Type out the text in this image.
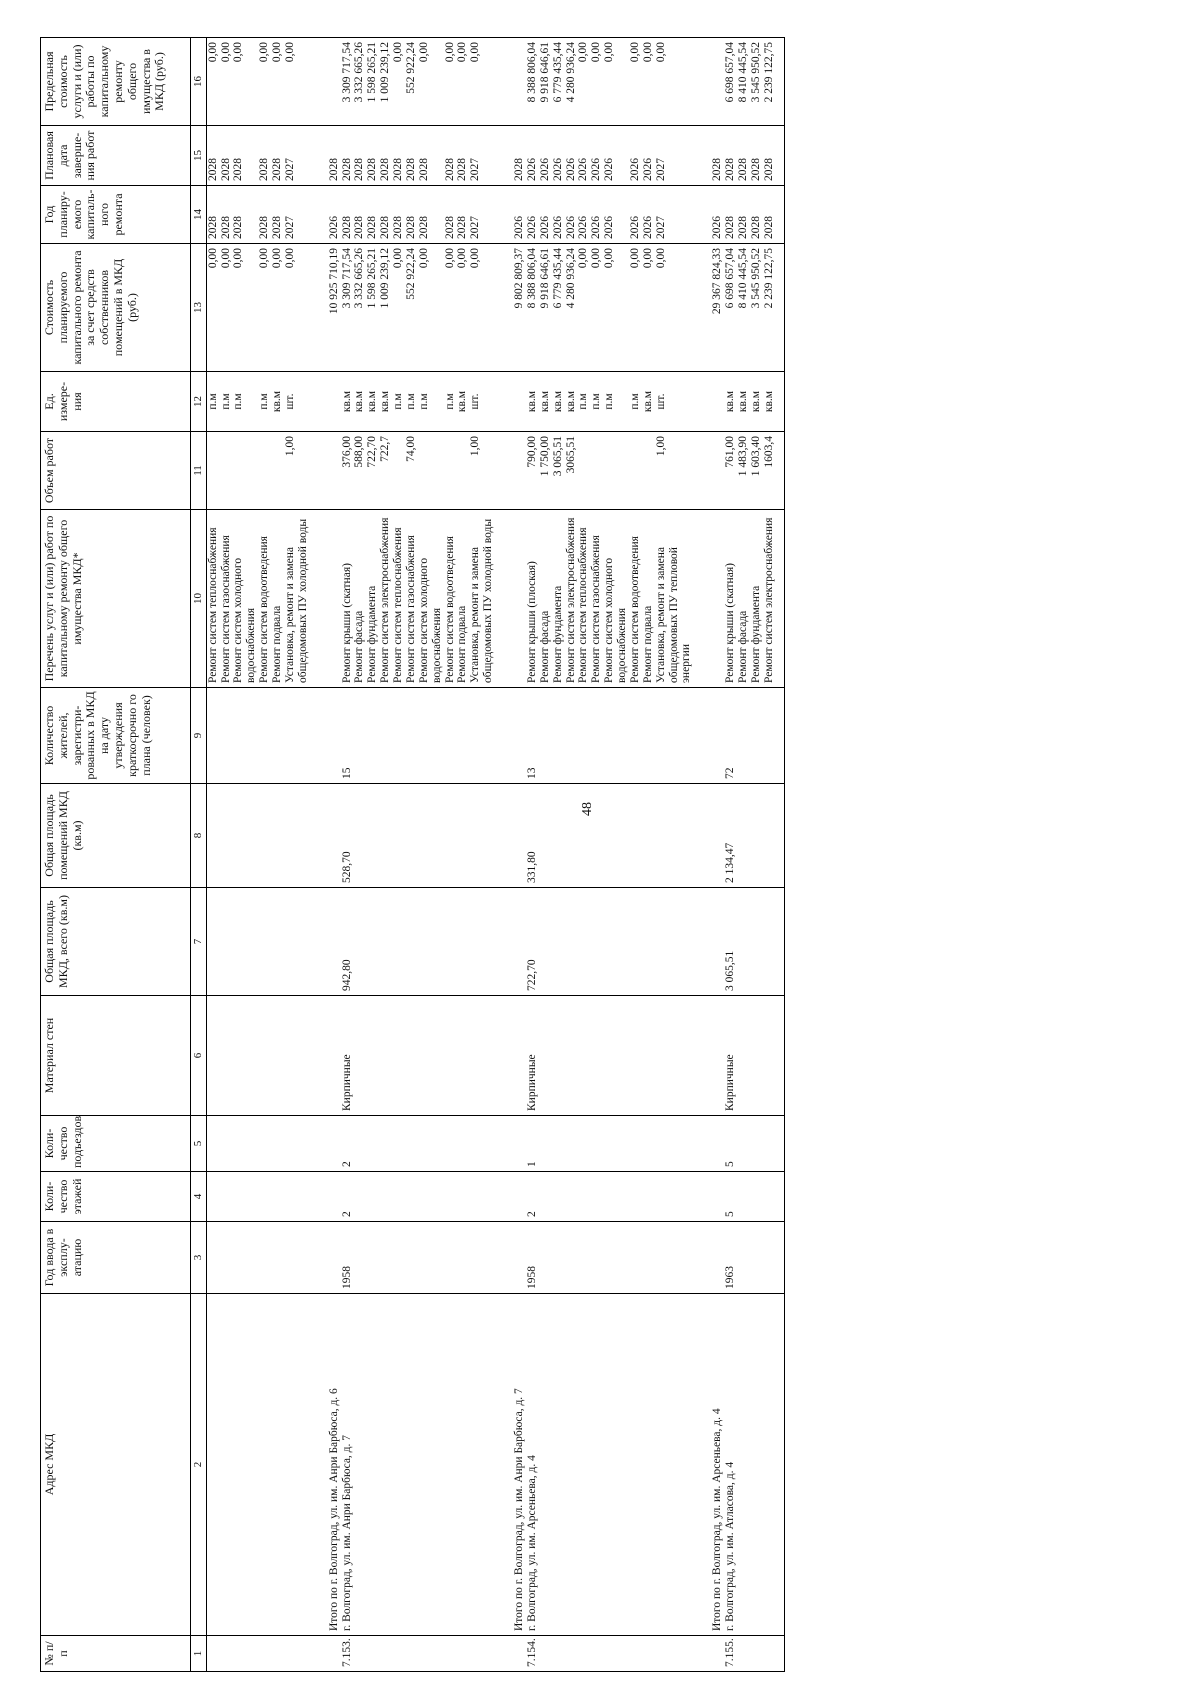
48
№ п/п	Адрес МКД	Год ввода в эксплу-атацию	Коли-чество этажей	Коли-чество подъездов	Материал стен	Общая площадь МКД, всего (кв.м)	Общая площадь помещений МКД (кв.м)	Количество жителей, зарегистри-рованных в МКД на дату утверждения краткосрочно го плана (человек)	Перечень услуг и (или) работ по капитальному ремонту общего имущества МКД*	Объем работ	Ед. измере-ния	Стоимость планируемого капитального ремонта за счет средств собственников помещений в МКД (руб.)	Год планиру-емого капиталь-ного ремонта	Плановая дата заверше-ния работ	Предельная стоимость услуги и (или) работы по капитальному ремонту общего имущества в МКД (руб.)
1	2	3	4	5	6	7	8	9	10	11	12	13	14	15	16
									Ремонт систем теплоснабжения		п.м	0,00	2028	2028	0,00
									Ремонт систем газоснабжения		п.м	0,00	2028	2028	0,00
									Ремонт систем холодного водоснабжения		п.м	0,00	2028	2028	0,00
									Ремонт систем водоотведения		п.м	0,00	2028	2028	0,00
									Ремонт подвала		кв.м	0,00	2028	2028	0,00
									Установка, ремонт и замена общедомовых ПУ холодной воды	1,00	шт.	0,00	2027	2027	0,00
	Итого по г. Волгоград, ул. им. Анри Барбюса, д. 6											10 925 710,19	2026	2028	
7.153.	г. Волгоград, ул. им. Анри Барбюса, д. 7	1958	2	2	Кирпичные	942,80	528,70	15	Ремонт крыши (скатная)	376,00	кв.м	3 309 717,54	2028	2028	3 309 717,54
									Ремонт фасада	588,00	кв.м	3 332 665,26	2028	2028	3 332 665,26
									Ремонт фундамента	722,70	кв.м	1 598 265,21	2028	2028	1 598 265,21
									Ремонт систем электроснабжения	722,7	кв.м	1 009 239,12	2028	2028	1 009 239,12
									Ремонт систем теплоснабжения		п.м	0,00	2028	2028	0,00
									Ремонт систем газоснабжения	74,00	п.м	552 922,24	2028	2028	552 922,24
									Ремонт систем холодного водоснабжения		п.м	0,00	2028	2028	0,00
									Ремонт систем водоотведения		п.м	0,00	2028	2028	0,00
									Ремонт подвала		кв.м	0,00	2028	2028	0,00
									Установка, ремонт и замена общедомовых ПУ холодной воды	1,00	шт.	0,00	2027	2027	0,00
	Итого по г. Волгоград, ул. им. Анри Барбюса, д. 7											9 802 809,37	2026	2028	
7.154.	г. Волгоград, ул. им. Арсеньева, д. 4	1958	2	1	Кирпичные	722,70	331,80	13	Ремонт крыши (плоская)	790,00	кв.м	8 388 806,04	2026	2026	8 388 806,04
									Ремонт фасада	1 750,00	кв.м	9 918 646,61	2026	2026	9 918 646,61
									Ремонт фундамента	3 065,51	кв.м	6 779 435,44	2026	2026	6 779 435,44
									Ремонт систем электроснабжения	3065,51	кв.м	4 280 936,24	2026	2026	4 280 936,24
									Ремонт систем теплоснабжения		п.м	0,00	2026	2026	0,00
									Ремонт систем газоснабжения		п.м	0,00	2026	2026	0,00
									Ремонт систем холодного водоснабжения		п.м	0,00	2026	2026	0,00
									Ремонт систем водоотведения		п.м	0,00	2026	2026	0,00
									Ремонт подвала		кв.м	0,00	2026	2026	0,00
									Установка, ремонт и замена общедомовых ПУ тепловой энергии	1,00	шт.	0,00	2027	2027	0,00
	Итого по г. Волгоград, ул. им. Арсеньева, д. 4											29 367 824,33	2026	2028	
7.155.	г. Волгоград, ул. им. Атласова, д. 4	1963	5	5	Кирпичные	3 065,51	2 134,47	72	Ремонт крыши (скатная)	761,00	кв.м	6 698 657,04	2028	2028	6 698 657,04
									Ремонт фасада	1 483,90	кв.м	8 410 445,54	2028	2028	8 410 445,54
									Ремонт фундамента	1 603,40	кв.м	3 545 950,52	2028	2028	3 545 950,52
									Ремонт систем электроснабжения	1603,4	кв.м	2 239 122,75	2028	2028	2 239 122,75
